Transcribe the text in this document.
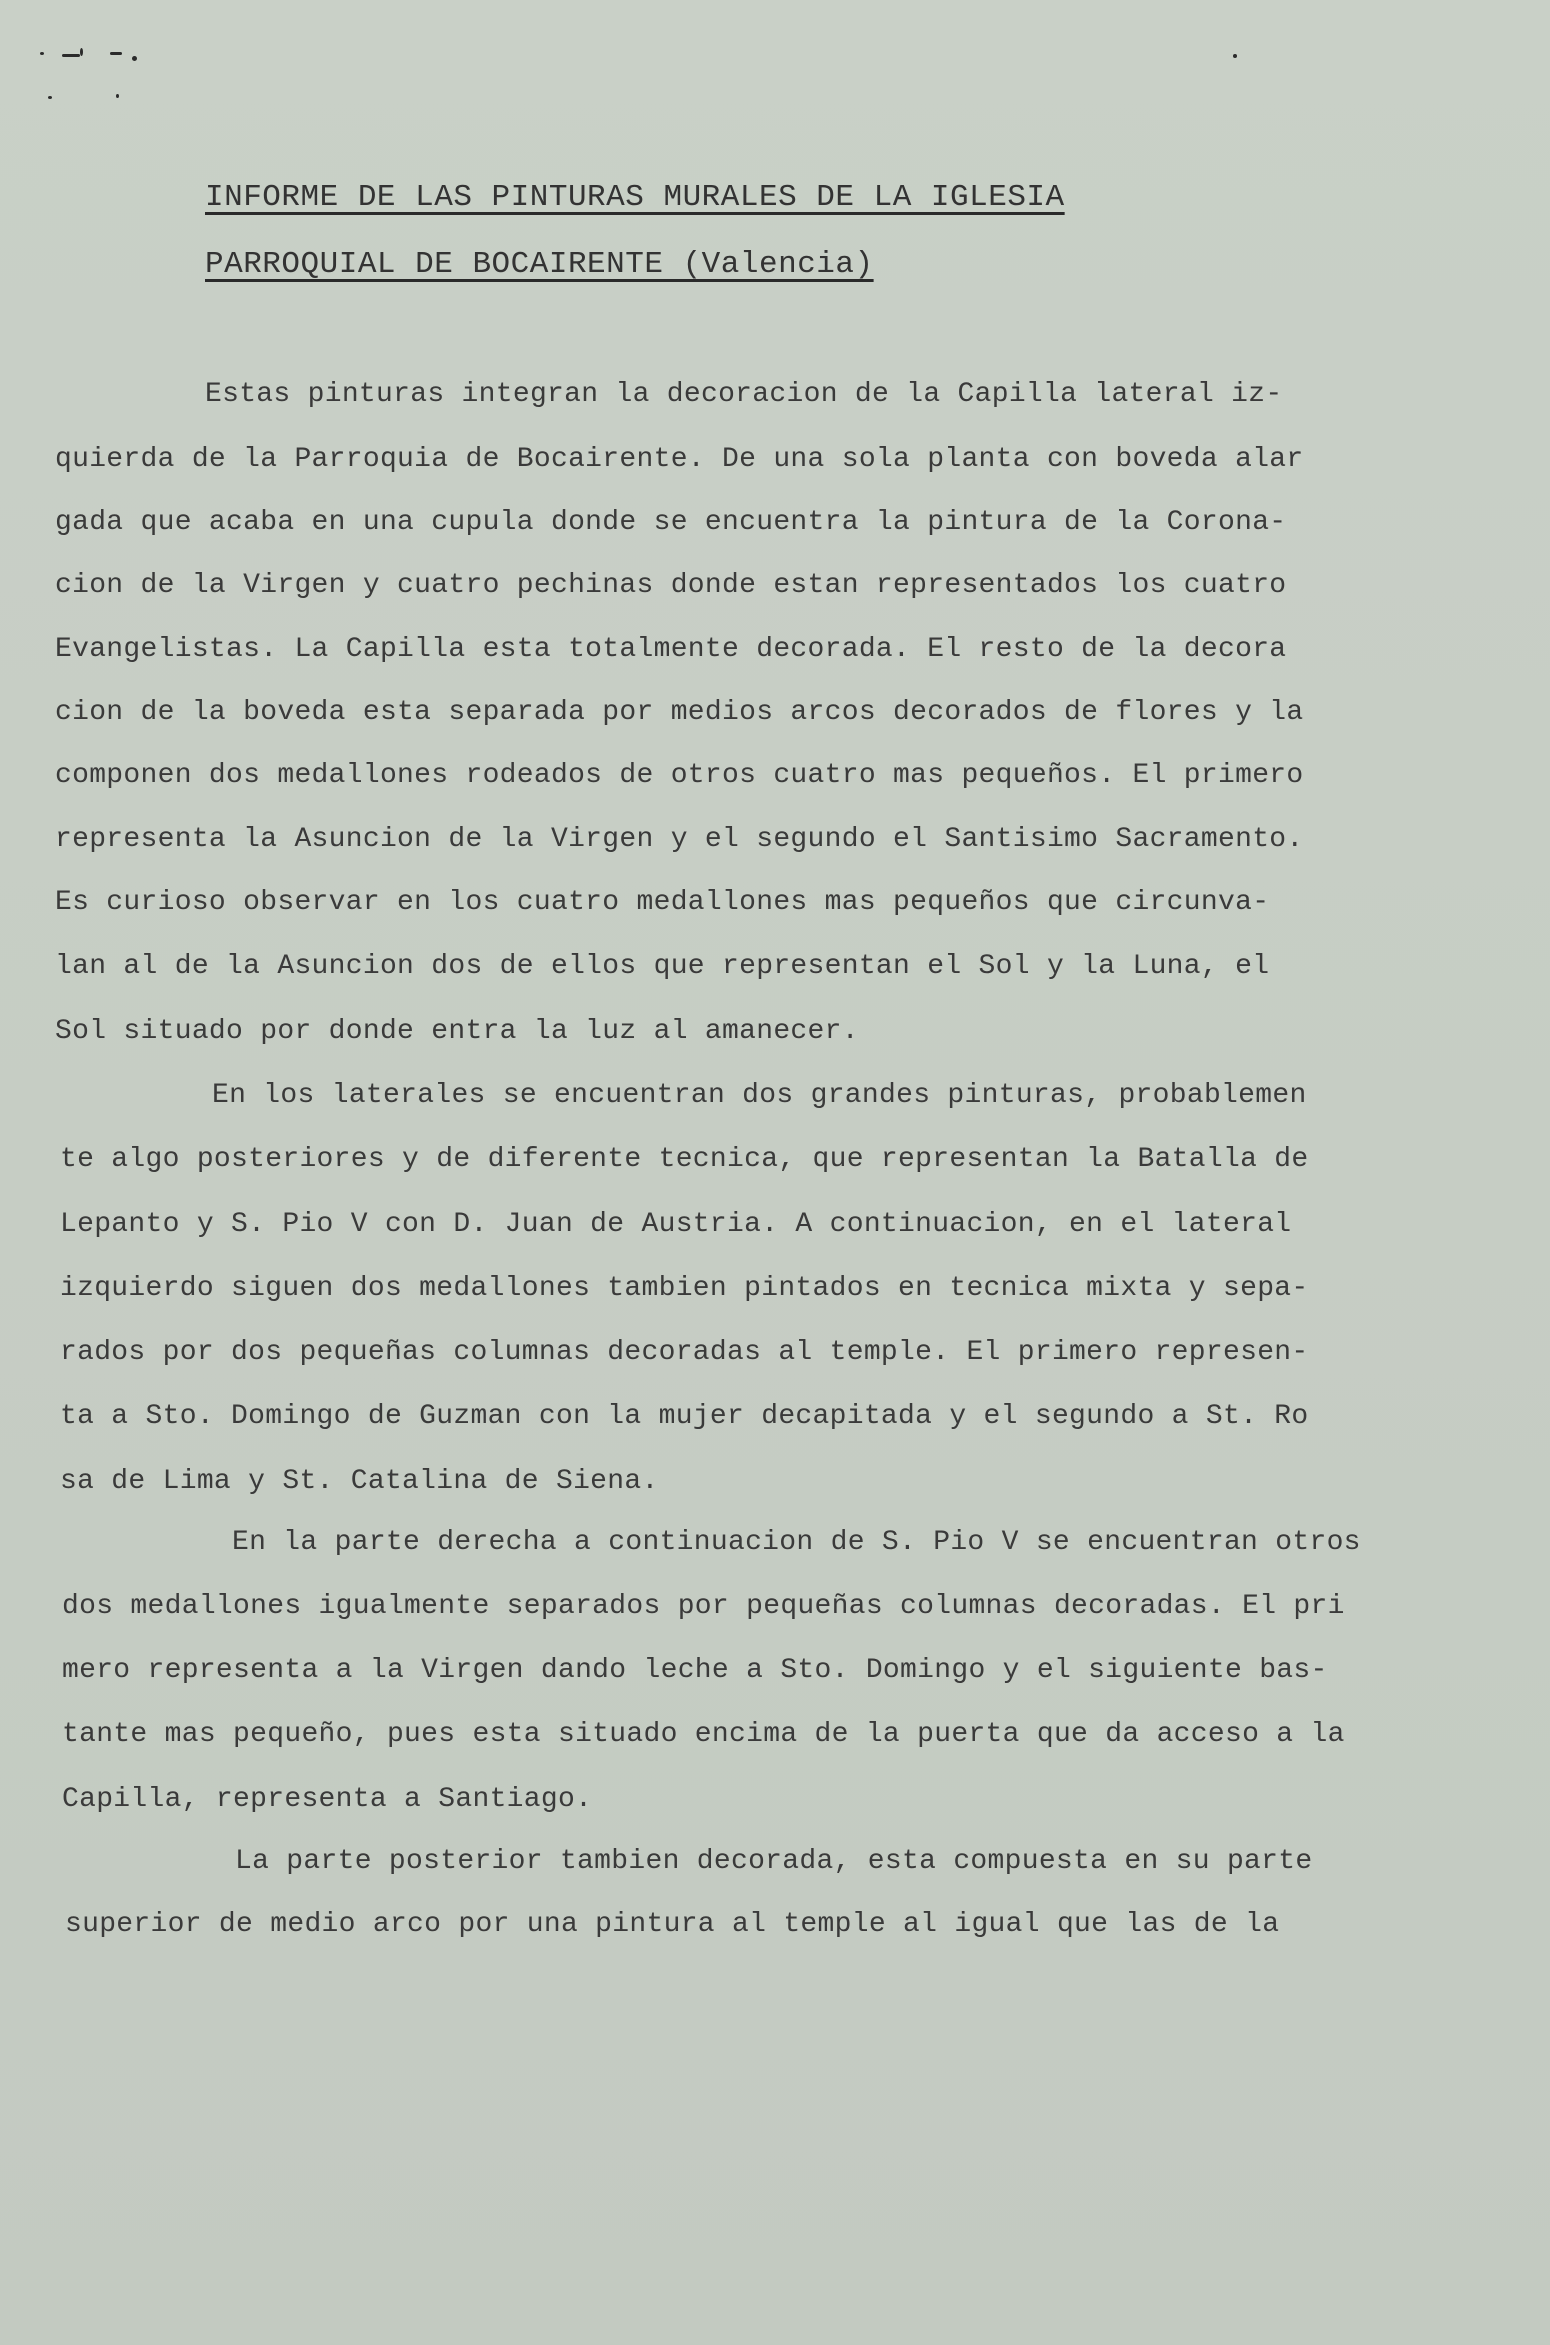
INFORME DE LAS PINTURAS MURALES DE LA IGLESIA
PARROQUIAL DE BOCAIRENTE (Valencia)
Estas pinturas integran la decoracion de la Capilla lateral iz-
quierda de la Parroquia de Bocairente. De una sola planta con boveda alar
gada que acaba en una cupula donde se encuentra la pintura de la Corona-
cion de la Virgen y cuatro pechinas donde estan representados los cuatro
Evangelistas. La Capilla esta totalmente decorada. El resto de la decora
cion de la boveda esta separada por medios arcos decorados de flores y la
componen dos medallones rodeados de otros cuatro mas pequeños. El primero
representa la Asuncion de la Virgen y el segundo el Santisimo Sacramento.
Es curioso observar en los cuatro medallones mas pequeños que circunva-
lan al de la Asuncion dos de ellos que representan el Sol y la Luna, el
Sol situado por donde entra la luz al amanecer.
En los laterales se encuentran dos grandes pinturas, probablemen
te algo posteriores y de diferente tecnica, que representan la Batalla de
Lepanto y S. Pio V con D. Juan de Austria. A continuacion, en el lateral
izquierdo siguen dos medallones tambien pintados en tecnica mixta y sepa-
rados por dos pequeñas columnas decoradas al temple. El primero represen-
ta a Sto. Domingo de Guzman con la mujer decapitada y el segundo a St. Ro
sa de Lima y St. Catalina de Siena.
En la parte derecha a continuacion de S. Pio V se encuentran otros
dos medallones igualmente separados por pequeñas columnas decoradas. El pri
mero representa a la Virgen dando leche a Sto. Domingo y el siguiente bas-
tante mas pequeño, pues esta situado encima de la puerta que da acceso a la
Capilla, representa a Santiago.
La parte posterior tambien decorada, esta compuesta en su parte
superior de medio arco por una pintura al temple al igual que las de la
